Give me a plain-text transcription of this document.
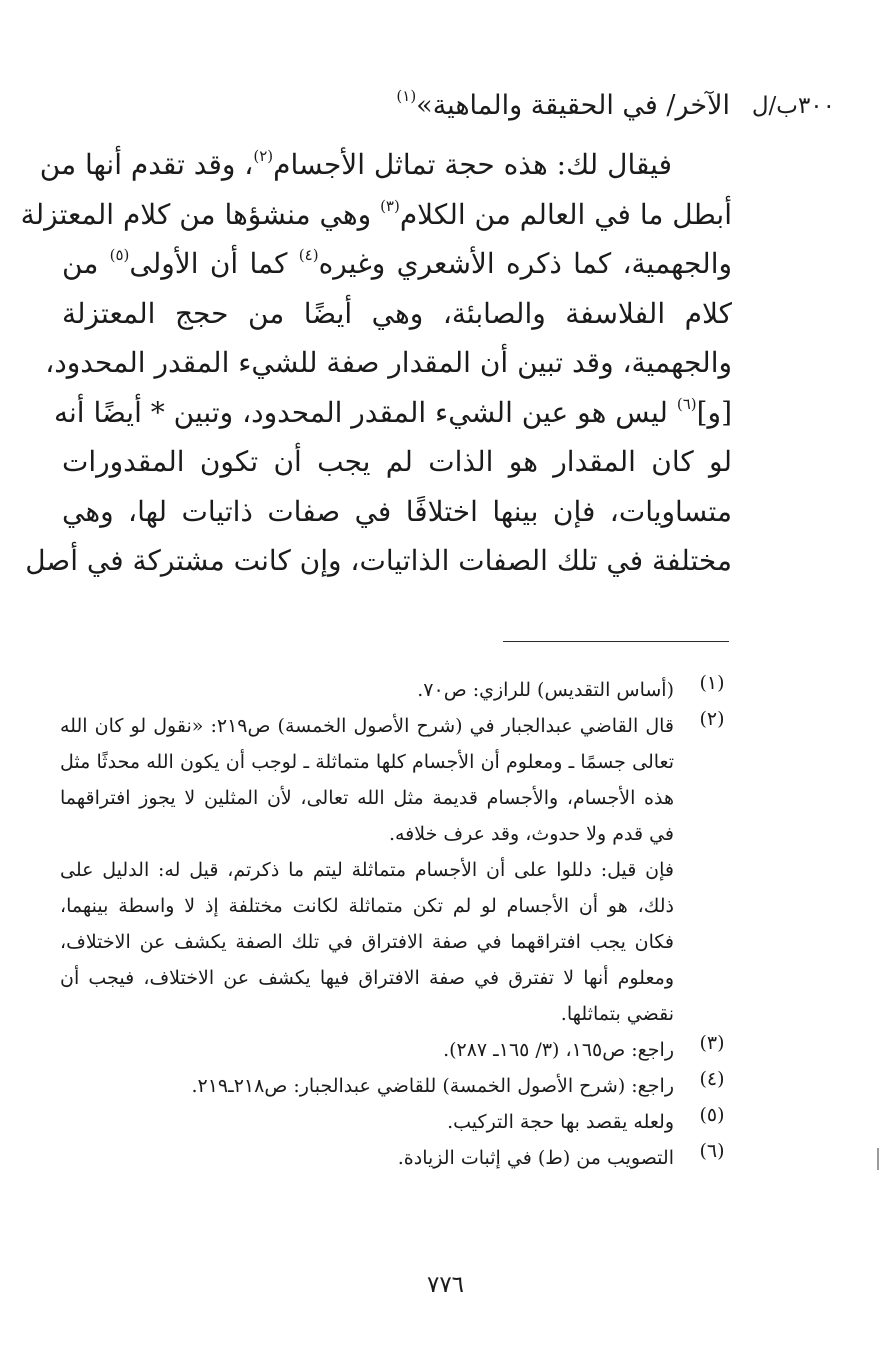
٣٠٠ب/ل
الآخر/ في الحقيقة والماهية»$^{(١)}$
فيقال لك: هذه حجة تماثل الأجسام$^{(٢)}$، وقد تقدم أنها من
أبطل ما في العالم من الكلام$^{(٣)}$ وهي منشؤها من كلام المعتزلة
والجهمية، كما ذكره الأشعري وغيره$^{(٤)}$ كما أن الأولى$^{(٥)}$ من
كلام الفلاسفة والصابئة، وهي أيضًا من حجج المعتزلة
والجهمية، وقد تبين أن المقدار صفة للشيء المقدر المحدود،
[و]$^{(٦)}$ ليس هو عين الشيء المقدر المحدود، وتبين * أيضًا أنه
لو كان المقدار هو الذات لم يجب أن تكون المقدورات
متساويات، فإن بينها اختلافًا في صفات ذاتيات لها، وهي
مختلفة في تلك الصفات الذاتيات، وإن كانت مشتركة في أصل
(١)
(أساس التقديس) للرازي: ص٧٠.
(٢)
قال القاضي عبدالجبار في (شرح الأصول الخمسة) ص٢١٩: «نقول لو كان الله
تعالى جسمًا ـ ومعلوم أن الأجسام كلها متماثلة ـ لوجب أن يكون الله محدثًا مثل
هذه الأجسام، والأجسام قديمة مثل الله تعالى، لأن المثلين لا يجوز افتراقهما
في قدم ولا حدوث، وقد عرف خلافه.
فإن قيل: دللوا على أن الأجسام متماثلة ليتم ما ذكرتم، قيل له: الدليل على
ذلك، هو أن الأجسام لو لم تكن متماثلة لكانت مختلفة إذ لا واسطة بينهما،
فكان يجب افتراقهما في صفة الافتراق في تلك الصفة يكشف عن الاختلاف،
ومعلوم أنها لا تفترق في صفة الافتراق فيها يكشف عن الاختلاف، فيجب أن
نقضي بتماثلها.
(٣)
راجع: ص١٦٥، (٣/ ١٦٥ـ ٢٨٧).
(٤)
راجع: (شرح الأصول الخمسة) للقاضي عبدالجبار: ص٢١٨ـ٢١٩.
(٥)
ولعله يقصد بها حجة التركيب.
(٦)
التصويب من (ط) في إثبات الزيادة.
٧٧٦
